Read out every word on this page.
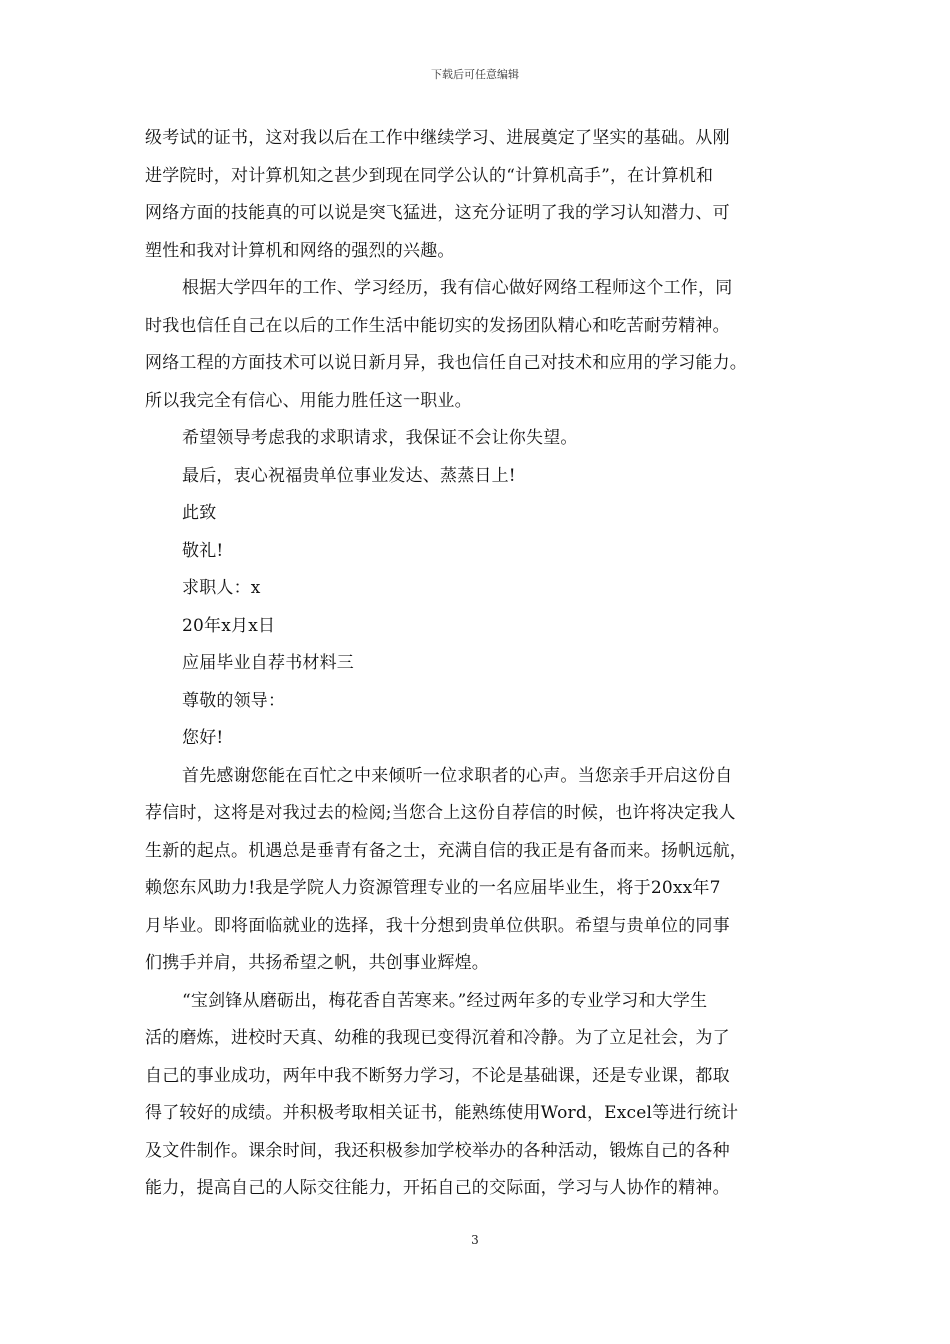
下载后可任意编辑
级考试的证书，这对我以后在工作中继续学习、进展奠定了坚实的基础。从刚
进学院时，对计算机知之甚少到现在同学公认的“计算机高手”，在计算机和
网络方面的技能真的可以说是突飞猛进，这充分证明了我的学习认知潜力、可
塑性和我对计算机和网络的强烈的兴趣。
根据大学四年的工作、学习经历，我有信心做好网络工程师这个工作，同
时我也信任自己在以后的工作生活中能切实的发扬团队精心和吃苦耐劳精神。
网络工程的方面技术可以说日新月异，我也信任自己对技术和应用的学习能力。
所以我完全有信心、用能力胜任这一职业。
希望领导考虑我的求职请求，我保证不会让你失望。
最后，衷心祝福贵单位事业发达、蒸蒸日上!
此致
敬礼!
求职人：x
20年x月x日
应届毕业自荐书材料三
尊敬的领导：
您好!
首先感谢您能在百忙之中来倾听一位求职者的心声。当您亲手开启这份自
荐信时，这将是对我过去的检阅;当您合上这份自荐信的时候，也许将决定我人
生新的起点。机遇总是垂青有备之士，充满自信的我正是有备而来。扬帆远航，
赖您东风助力!我是学院人力资源管理专业的一名应届毕业生，将于20xx年7
月毕业。即将面临就业的选择，我十分想到贵单位供职。希望与贵单位的同事
们携手并肩，共扬希望之帆，共创事业辉煌。
“宝剑锋从磨砺出，梅花香自苦寒来。”经过两年多的专业学习和大学生
活的磨炼，进校时天真、幼稚的我现已变得沉着和冷静。为了立足社会，为了
自己的事业成功，两年中我不断努力学习，不论是基础课，还是专业课，都取
得了较好的成绩。并积极考取相关证书，能熟练使用Word，Excel等进行统计
及文件制作。课余时间，我还积极参加学校举办的各种活动，锻炼自己的各种
能力，提高自己的人际交往能力，开拓自己的交际面，学习与人协作的精神。
3
